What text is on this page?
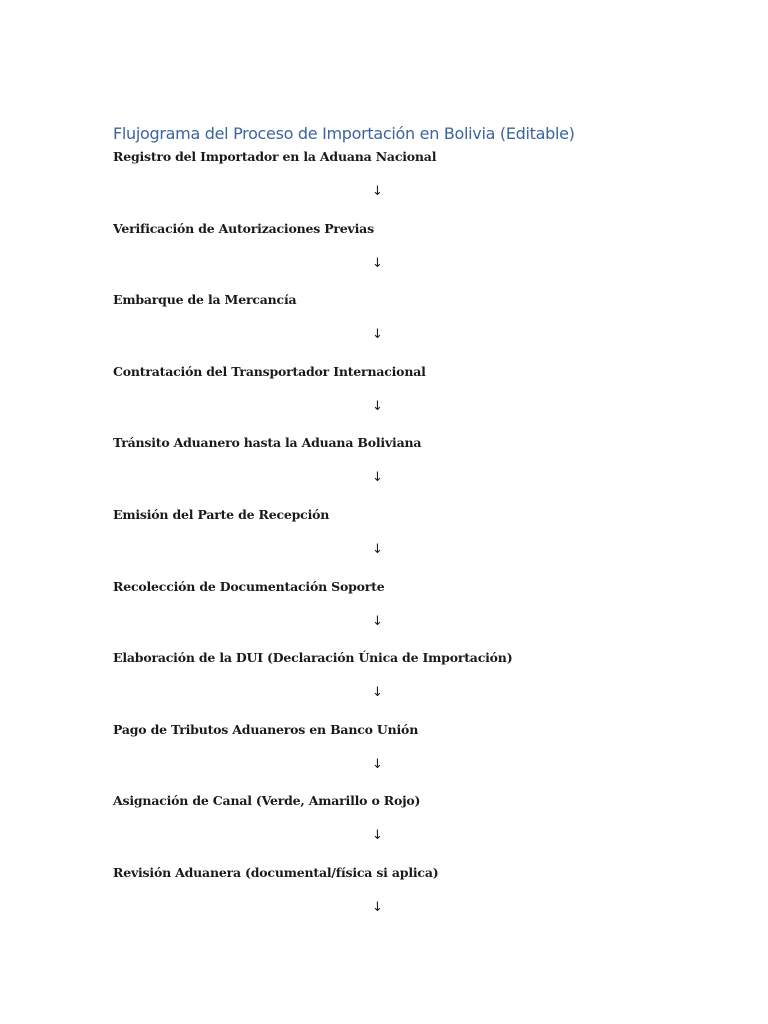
Flujograma del Proceso de Importación en Bolivia (Editable)
Registro del Importador en la Aduana Nacional
↓
Verificación de Autorizaciones Previas
↓
Embarque de la Mercancía
↓
Contratación del Transportador Internacional
↓
Tránsito Aduanero hasta la Aduana Boliviana
↓
Emisión del Parte de Recepción
↓
Recolección de Documentación Soporte
↓
Elaboración de la DUI (Declaración Única de Importación)
↓
Pago de Tributos Aduaneros en Banco Unión
↓
Asignación de Canal (Verde, Amarillo o Rojo)
↓
Revisión Aduanera (documental/física si aplica)
↓
